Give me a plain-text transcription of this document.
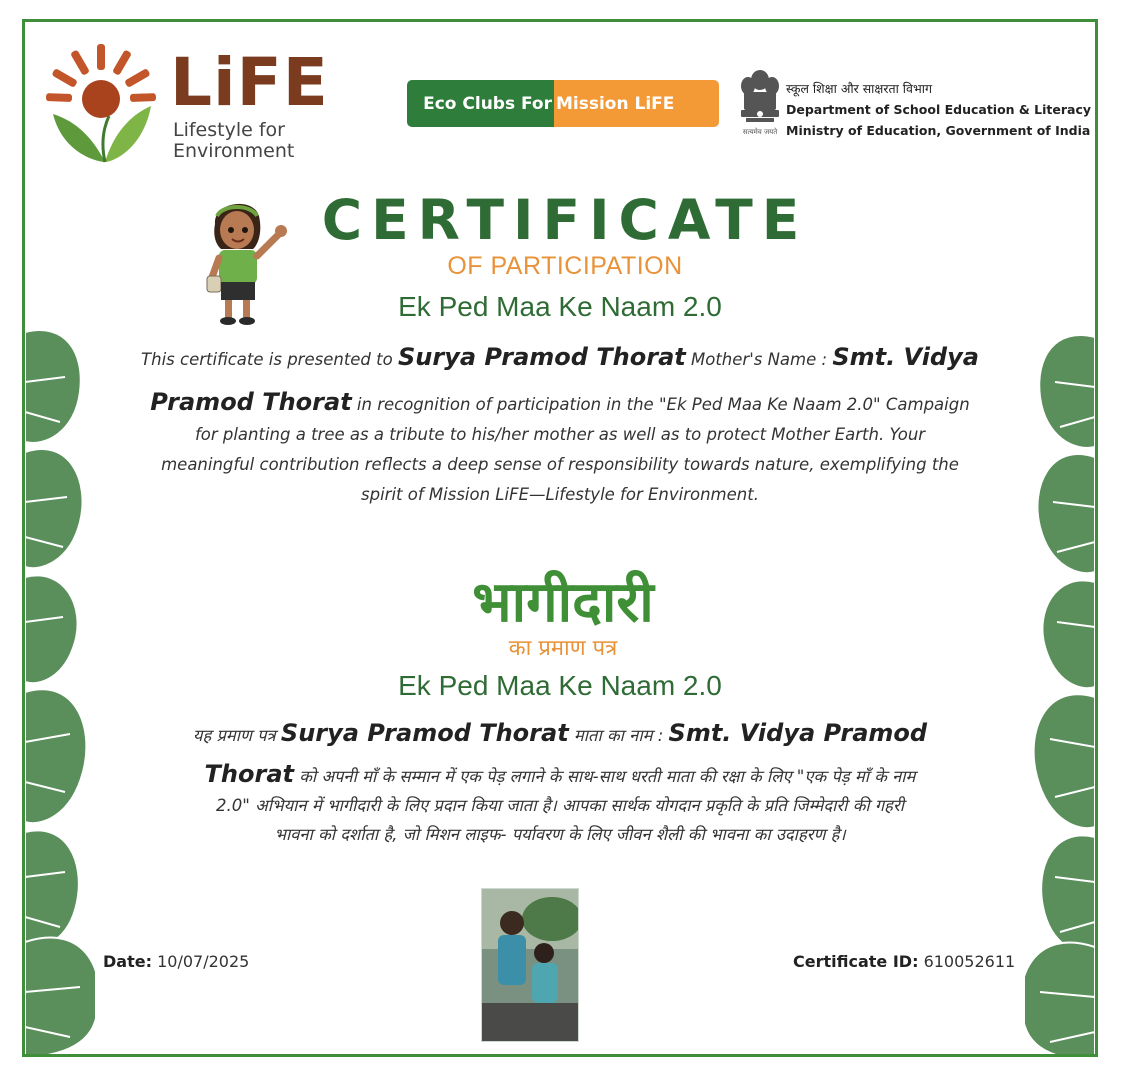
LiFE
Lifestyle for
Environment
Eco Clubs For Mission LiFE
सत्यमेव जयते
स्कूल शिक्षा और साक्षरता विभाग
Department of School Education & Literacy
Ministry of Education, Government of India
CERTIFICATE
OF PARTICIPATION
Ek Ped Maa Ke Naam 2.0
This certificate is presented to Surya Pramod Thorat Mother's Name : Smt. Vidya
Pramod Thorat in recognition of participation in the "Ek Ped Maa Ke Naam 2.0" Campaign
for planting a tree as a tribute to his/her mother as well as to protect Mother Earth. Your
meaningful contribution reflects a deep sense of responsibility towards nature, exemplifying the
spirit of Mission LiFE—Lifestyle for Environment.
भागीदारी
का प्रमाण पत्र
Ek Ped Maa Ke Naam 2.0
यह प्रमाण पत्र Surya Pramod Thorat माता का नाम : Smt. Vidya Pramod
Thorat को अपनी माँ के सम्मान में एक पेड़ लगाने के साथ-साथ धरती माता की रक्षा के लिए "एक पेड़ माँ के नाम
2.0" अभियान में भागीदारी के लिए प्रदान किया जाता है। आपका सार्थक योगदान प्रकृति के प्रति जिम्मेदारी की गहरी
भावना को दर्शाता है, जो मिशन लाइफ- पर्यावरण के लिए जीवन शैली की भावना का उदाहरण है।
Date: 10/07/2025	Certificate ID: 610052611
